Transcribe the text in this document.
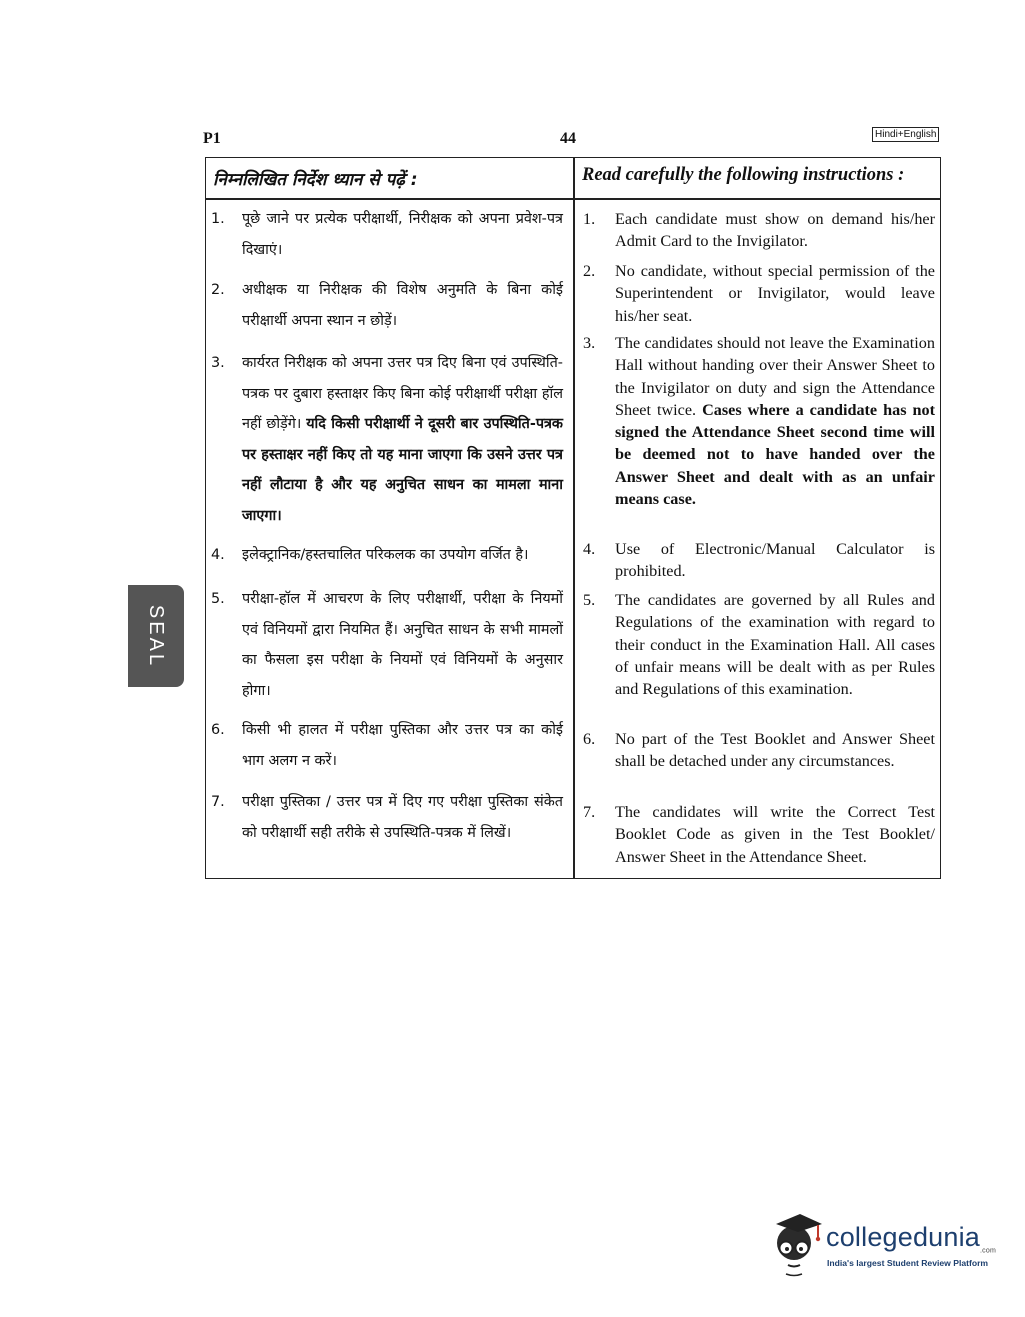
P1	44	Hindi+English
SEAL
निम्नलिखित निर्देश ध्यान से पढ़ें :	Read carefully the following instructions :
1. पूछे जाने पर प्रत्येक परीक्षार्थी, निरीक्षक को अपना प्रवेश-पत्र दिखाएं।
2. अधीक्षक या निरीक्षक की विशेष अनुमति के बिना कोई परीक्षार्थी अपना स्थान न छोड़ें।
3. कार्यरत निरीक्षक को अपना उत्तर पत्र दिए बिना एवं उपस्थिति-पत्रक पर दुबारा हस्ताक्षर किए बिना कोई परीक्षार्थी परीक्षा हॉल नहीं छोड़ेंगे। यदि किसी परीक्षार्थी ने दूसरी बार उपस्थिति-पत्रक पर हस्ताक्षर नहीं किए तो यह माना जाएगा कि उसने उत्तर पत्र नहीं लौटाया है और यह अनुचित साधन का मामला माना जाएगा।
4. इलेक्ट्रानिक/हस्तचालित परिकलक का उपयोग वर्जित है।
5. परीक्षा-हॉल में आचरण के लिए परीक्षार्थी, परीक्षा के नियमों एवं विनियमों द्वारा नियमित हैं। अनुचित साधन के सभी मामलों का फैसला इस परीक्षा के नियमों एवं विनियमों के अनुसार होगा।
6. किसी भी हालत में परीक्षा पुस्तिका और उत्तर पत्र का कोई भाग अलग न करें।
7. परीक्षा पुस्तिका / उत्तर पत्र में दिए गए परीक्षा पुस्तिका संकेत को परीक्षार्थी सही तरीके से उपस्थिति-पत्रक में लिखें।
1. Each candidate must show on demand his/her Admit Card to the Invigilator.
2. No candidate, without special permission of the Superintendent or Invigilator, would leave his/her seat.
3. The candidates should not leave the Examination Hall without handing over their Answer Sheet to the Invigilator on duty and sign the Attendance Sheet twice. Cases where a candidate has not signed the Attendance Sheet second time will be deemed not to have handed over the Answer Sheet and dealt with as an unfair means case.
4. Use of Electronic/Manual Calculator is prohibited.
5. The candidates are governed by all Rules and Regulations of the examination with regard to their conduct in the Examination Hall. All cases of unfair means will be dealt with as per Rules and Regulations of this examination.
6. No part of the Test Booklet and Answer Sheet shall be detached under any circumstances.
7. The candidates will write the Correct Test Booklet Code as given in the Test Booklet/ Answer Sheet in the Attendance Sheet.
collegedunia$_{.com}$
India's largest Student Review Platform
